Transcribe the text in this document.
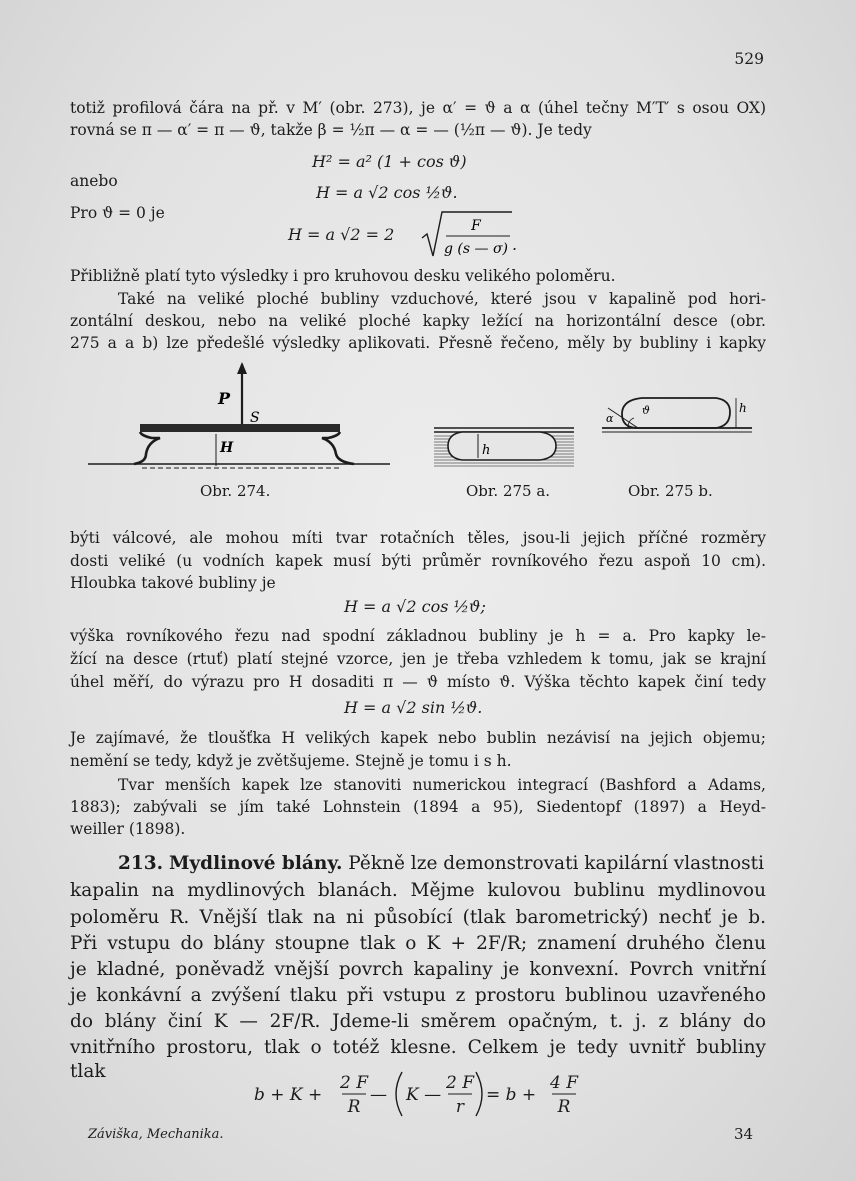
529
totiž profilová čára na př. v M′ (obr. 273), je α′ = ϑ a α (úhel tečny M′T′ s osou OX)
rovná se π — α′ = π — ϑ, takže β = ½π — α = — (½π — ϑ). Je tedy
H² = a² (1 + cos ϑ)
anebo
H = a √2 cos ½ϑ.
Pro ϑ = 0 je
H = a √2 = 2	F
g (s — σ) .
Přibližně platí tyto výsledky i pro kruhovou desku velikého poloměru.
Také na veliké ploché bubliny vzduchové, které jsou v kapalině pod hori-
zontální deskou, nebo na veliké ploché kapky ležící na horizontální desce (obr.
275 a a b) lze předešlé výsledky aplikovati. Přesně řečeno, měly by bubliny i kapky
P
S
H	h
α
ϑ	h
Obr. 274.	Obr. 275 a.	Obr. 275 b.
býti válcové, ale mohou míti tvar rotačních těles, jsou-li jejich příčné rozměry
dosti veliké (u vodních kapek musí býti průměr rovníkového řezu aspoň 10 cm).
Hloubka takové bubliny je
H = a √2 cos ½ϑ;
výška rovníkového řezu nad spodní základnou bubliny je h = a. Pro kapky le-
žící na desce (rtuť) platí stejné vzorce, jen je třeba vzhledem k tomu, jak se krajní
úhel měří, do výrazu pro H dosaditi π — ϑ místo ϑ. Výška těchto kapek činí tedy
H = a √2 sin ½ϑ.
Je zajímavé, že tloušťka H velikých kapek nebo bublin nezávisí na jejich objemu;
nemění se tedy, když je zvětšujeme. Stejně je tomu i s h.
Tvar menších kapek lze stanoviti numerickou integrací (Bashford a Adams,
1883); zabývali se jím také Lohnstein (1894 a 95), Siedentopf (1897) a Heyd-
weiller (1898).
213. Mydlinové blány. Pěkně lze demonstrovati kapilární vlastnosti
kapalin na mydlinových blanách. Mějme kulovou bublinu mydlinovou
poloměru R. Vnější tlak na ni působící (tlak barometrický) nechť je b.
Při vstupu do blány stoupne tlak o K + 2F/R; znamení druhého členu
je kladné, poněvadž vnější povrch kapaliny je konvexní. Povrch vnitřní
je konkávní a zvýšení tlaku při vstupu z prostoru bublinou uzavřeného
do blány činí K — 2F/R. Jdeme-li směrem opačným, t. j. z blány do
vnitřního prostoru, tlak o totéž klesne. Celkem je tedy uvnitř bubliny
tlak
b + K +
2 F
R
— K —
2 F
r
= b +
4 F
R
Záviška, Mechanika.	34
